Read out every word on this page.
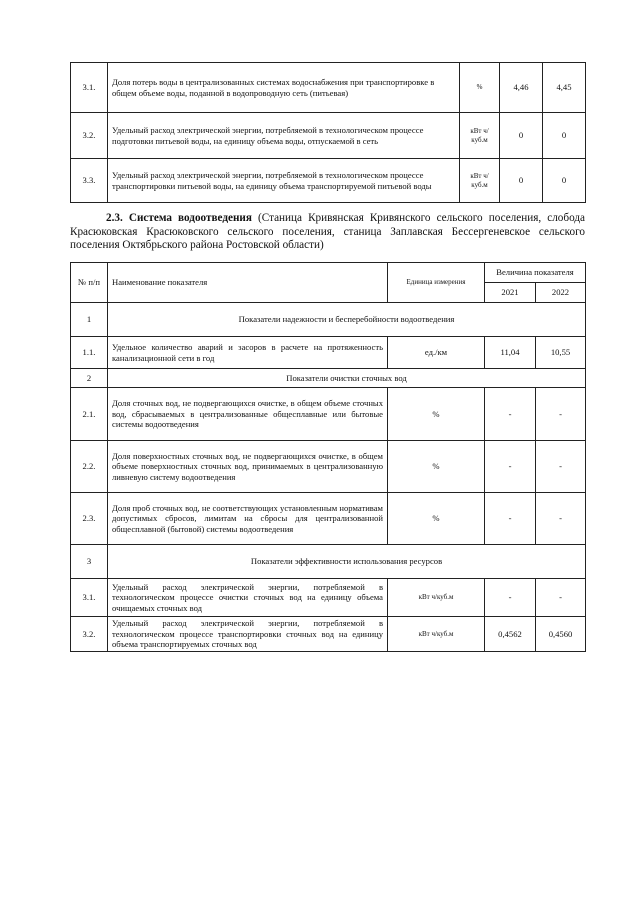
3.1.	Доля потерь воды в централизованных системах водоснабжения при транспортировке в общем объеме воды, поданной в водопроводную сеть (питьевая)	%	4,46	4,45
3.2.	Удельный расход электрической энергии, потребляемой в технологическом процессе подготовки питьевой воды, на единицу объема воды, отпускаемой в сеть	кВт ч/куб.м	0	0
3.3.	Удельный расход электрической энергии, потребляемой в технологическом процессе транспортировки питьевой воды, на единицу объема транспортируемой питьевой воды	кВт ч/куб.м	0	0
2.3. Система водоотведения (Станица Кривянская Кривянского сельского поселения, слобода Красюковская Красюковского сельского поселения, станица Заплавская Бессергеневское сельского поселения Октябрьского района Ростовской области)
№ п/п	Наименование показателя	Единица измерения	Величина показателя	
			2021	2022
1	Показатели надежности и бесперебойности водоотведения			
1.1.	Удельное количество аварий и засоров в расчете на протяженность канализационной сети в год	ед./км	11,04	10,55
2	Показатели очистки сточных вод			
2.1.	Доля сточных вод, не подвергающихся очистке, в общем объеме сточных вод, сбрасываемых в централизованные общесплавные или бытовые системы водоотведения	%	-	-
2.2.	Доля поверхностных сточных вод, не подвергающихся очистке, в общем объеме поверхностных сточных вод, принимаемых в централизованную ливневую систему водоотведения	%	-	-
2.3.	Доля проб сточных вод, не соответствующих установленным нормативам допустимых сбросов, лимитам на сбросы для централизованной общесплавной (бытовой) системы водоотведения	%	-	-
3	Показатели эффективности использования ресурсов			
3.1.	Удельный расход электрической энергии, потребляемой в технологическом процессе очистки сточных вод на единицу объема очищаемых сточных вод	кВт ч/куб.м	-	-
3.2.	Удельный расход электрической энергии, потребляемой в технологическом процессе транспортировки сточных вод на единицу объема транспортируемых сточных вод	кВт ч/куб.м	0,4562	0,4560
